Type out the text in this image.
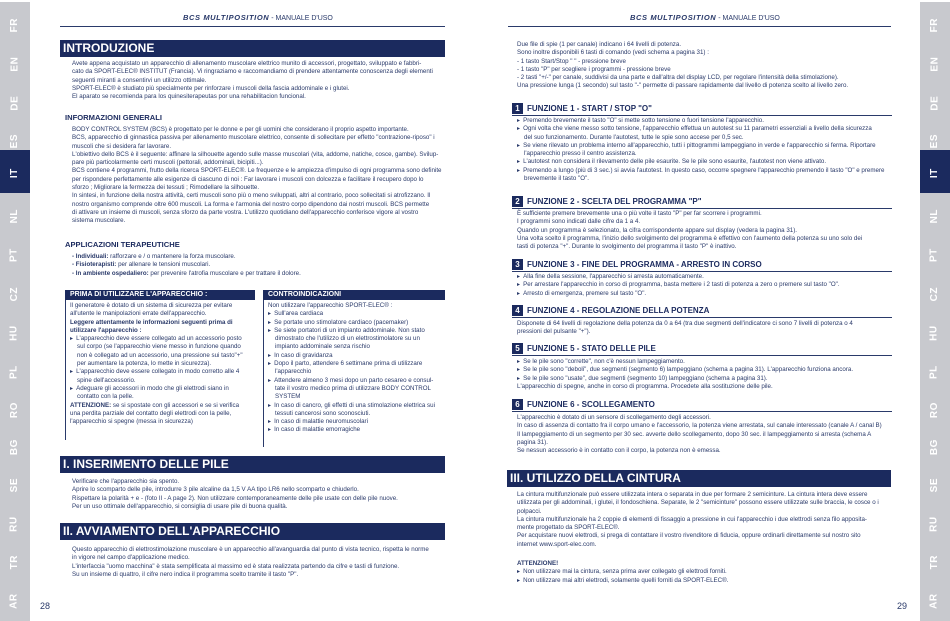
FR
EN
DE
ES
IT
NL
PT
CZ
HU
PL
RO
BG
SE
RU
TR
AR
FR
EN
DE
ES
IT
NL
PT
CZ
HU
PL
RO
BG
SE
RU
TR
AR
BCS MULTIPOSITION - MANUALE D'USO	BCS MULTIPOSITION - MANUALE D'USO
28	29
INTRODUZIONE
Avete appena acquistato un apparecchio di allenamento muscolare elettrico munito di accessori, progettato, sviluppato e fabbri-
cato da SPORT-ELEC® INSTITUT (Francia). Vi ringraziamo e raccomandiamo di prendere attentamente conoscenza degli elementi
seguenti miranti a consentirvi un utilizzo ottimale.
SPORT-ELEC® è studiato più specialmente per rinforzare i muscoli della fascia addominale e i glutei.
El aparato se recomienda para los quinesiterapeutas por una rehabilitacion funcional.
INFORMAZIONI GENERALI
BODY CONTROL SYSTEM (BCS) è progettato per le donne e per gli uomini che considerano il proprio aspetto importante.
BCS, apparecchio di ginnastica passiva per allenamento muscolare elettrico, consente di sollecitare per effetto "contrazione-riposo" i
muscoli che si desidera far lavorare.
L'obiettivo dello BCS è il seguente: affinare la silhouette agendo sulle masse muscolari (vita, addome, natiche, cosce, gambe). Svilup-
pare più particolarmente certi muscoli (pettorali, addominali, bicipiti...).
BCS contiene 4 programmi, frutto della ricerca SPORT-ELEC®. Le frequenze e le ampiezza d'impulso di ogni programma sono definite
per rispondere perfettamente alle esigenze di ciascuno di noi : Far lavorare i muscoli con dolcezza e facilitare il recupero dopo lo
sforzo ; Migliorare la fermezza dei tessuti ; Rimodellare la silhouette.
In sintesi, in funzione della nostra attività, certi muscoli sono più o meno sviluppati, altri al contrario, poco sollecitati si atrofizzano. Il
nostro organismo comprende oltre 600 muscoli. La forma e l'armonia del nostro corpo dipendono dai nostri muscoli. BCS permette
di attivare un insieme di muscoli, senza sforzo da parte vostra. L'utilizzo quotidiano dell'apparecchio conferisce vigore al vostro
sistema muscolare.
APPLICAZIONI TERAPEUTICHE
- Individuali: rafforzare e / o mantenere la forza muscolare.
- Fisioterapisti: per allenare le tensioni muscolari.
- In ambiente ospedaliero: per prevenire l'atrofia muscolare e per trattare il dolore.
PRIMA DI UTILIZZARE L'APPARECCHIO :	CONTROINDICAZIONI
Il generatore è dotato di un sistema di sicurezza per evitare
all'utente le manipolazioni errate dell'apparecchio.
Leggere attentamente le informazioni seguenti prima di
utilizzare l'apparecchio :
▸ L'apparecchio deve essere collegato ad un accessorio posto
sul corpo (se l'apparecchio viene messo in funzione quando
non è collegato ad un accessorio, una pressione sui tasto"+"
per aumentare la potenza, lo mette in sicurezza).
▸ L'apparecchio deve essere collegato in modo corretto alle 4
spine dell'accessorio.
▸ Adeguare gli accessori in modo che gli elettrodi siano in
contatto con la pelle.
ATTENZIONE: se si spostate con gli accessori e se si verifica
una perdita parziale del contatto degli elettrodi con la pelle,
l'apparecchio si spegne (messa in sicurezza)
Non utilizzare l'apparecchio SPORT-ELEC® :
▸ Sull'area cardiaca
▸ Se portate uno stimolatore cardiaco (pacemaker)
▸ Se siete portatori di un impianto addominale. Non stato
dimostrato che l'utilizzo di un elettrostimolatore su un
impianto addominale senza rischio
▸ In caso di gravidanza
▸ Dopo il parto, attendere 6 settimane prima di utilizzare
l'apparecchio
▸ Attendere almeno 3 mesi dopo un parto cesareo e consul-
tate il vostro medico prima di utilizzare BODY CONTROL
SYSTEM
▸ In caso di cancro, gli effetti di una stimolazione elettrica sui
tessuti cancerosi sono sconosciuti.
▸ In caso di malattie neuromuscolari
▸ In caso di malattie emorragiche
I. INSERIMENTO DELLE PILE
Verificare che l'apparecchio sia spento.
Aprire lo scomparto delle pile, introdurre 3 pile alcaline da 1,5 V AA tipo LR6 nello scomparto e chiuderlo.
Rispettare la polarità + e - (foto II - A page 2). Non utilizzare contemporaneamente delle pile usate con delle pile nuove.
Per un uso ottimale dell'apparecchio, si consiglia di usare pile di buona qualità.
II. AVVIAMENTO DELL'APPARECCHIO
Questo apparecchio di elettrostimolazione muscolare è un apparecchio all'avanguardia dal punto di vista tecnico, rispetta le norme
in vigore nel campo d'applicazione medico.
L'interfaccia "uomo macchina" è stata semplificata al massimo ed è stata realizzata partendo da cifre e tasti di funzione.
Su un insieme di quattro, il cifre nero indica il programma scelto tramite il tasto "P".
Due file di spie (1 per canale) indicano i 64 livelli di potenza.
Sono inoltre disponibili 6 tasti di comando (vedi schema a pagina 31) :
- 1 tasto Start/Stop " " - pressione breve
- 1 tasto "P" per scegliere i programmi - pressione breve
- 2 tasti "+/-" per canale, suddivisi da una parte e dall'altra del display LCD, per regolare l'intensità della stimolazione).
Una pressione lunga (1 secondo) sul tasto "-" permette di passare rapidamente dal livello di potenza scelto al livello zero.
1 FUNZIONE 1 - START / STOP "O"
▸ Premendo brevemente il tasto "O" si mette sotto tensione o fuori tensione l'apparecchio.
▸ Ogni volta che viene messo sotto tensione, l'apparecchio effettua un autotest su 11 parametri essenziali a livello della sicurezza
del suo funzionamento. Durante l'autotest, tutte le spie sono accese per 0,5 sec.
▸ Se viene rilevato un problema interno all'apparecchio, tutti i pittogrammi lampeggiano in verde e l'apparecchio si ferma. Riportare
l'apparecchio presso il centro assistenza.
▸ L'autotest non considera il rilevamento delle pile esaurite. Se le pile sono esaurite, l'autotest non viene attivato.
▸ Premendo a lungo (più di 3 sec.) si avvia l'autotest. In questo caso, occorre spegnere l'apparecchio premendo il tasto "O" e premere
brevemente il tasto "O".
2 FUNZIONE 2 - SCELTA DEL PROGRAMMA "P"
È sufficiente premere brevemente una o più volte il tasto "P" per far scorrere i programmi.
I programmi sono indicati dalle cifre da 1 a 4.
Quando un programma è selezionato, la cifra corrispondente appare sul display (vedera la pagina 31).
Una volta scelto il programma, l'inizio dello svolgimento del programma è effettivo con l'aumento della potenza su uno solo dei
tasti di potenza "+". Durante lo svolgimento del programma il tasto "P" è inattivo.
3 FUNZIONE 3 - FINE DEL PROGRAMMA - ARRESTO IN CORSO
▸ Alla fine della sessione, l'apparecchio si arresta automaticamente.
▸ Per arrestare l'apparecchio in corso di programma, basta mettere i 2 tasti di potenza a zero o premere sul tasto "O".
▸ Arresto di emergenza, premere sul tasto "O".
4 FUNZIONE 4 - REGOLAZIONE DELLA POTENZA
Disponete di 64 livelli di regolazione della potenza da 0 a 64 (tra due segmenti dell'indicatore ci sono 7 livelli di potenza o 4
pressioni del pulsante "+").
5 FUNZIONE 5 - STATO DELLE PILE
▸ Se le pile sono "corrette", non c'è nessun lampeggiamento.
▸ Se le pile sono "deboli", due segmenti (segmento 6) lampeggiano (schema a pagina 31). L'apparecchio funziona ancora.
▸ Se le pile sono "usate", due segmenti (segmento 10) lampeggiano (schema a pagina 31).
L'apparecchio di spegne, anche in corso di programma. Procedete alla sostituzione delle pile.
6 FUNZIONE 6 - SCOLLEGAMENTO
L'apparecchio è dotato di un sensore di scollegamento degli accessori.
In caso di assenza di contatto fra il corpo umano e l'accessorio, la potenza viene arrestata, sul canale interessato (canale A / canal B)
Il lampeggiamento di un segmento per 30 sec. avverte dello scollegamento, dopo 30 sec. il lampeggiamento si arresta (schema A
pagina 31).
Se nessun accessorio è in contatto con il corpo, la potenza non è emessa.
III. UTILIZZO DELLA CINTURA
La cintura multifunzionale può essere utilizzata intera o separata in due per formare 2 semicinture. La cintura intera deve essere
utilizzata per gli addominali, i glutei, il fondoschiena. Separate, le 2 "semicinture" possono essere utilizzate sulle braccia, le cosce o i
polpacci.
La cintura multifunzionale ha 2 coppie di elementi di fissaggio a pressione in cui l'apparecchio i due elettrodi senza filo apposita-
mente progettato da SPORT-ELEC®.
Per acquistare nuovi elettrodi, si prega di contattare il vostro rivenditore di fiducia, oppure ordinarli direttamente sul nostro sito
internet www.sport-elec.com.
ATTENZIONE!
▸ Non utilizzare mai la cintura, senza prima aver collegato gli elettrodi forniti.
▸ Non utilizzare mai altri elettrodi, solamente quelli forniti da SPORT-ELEC®.
